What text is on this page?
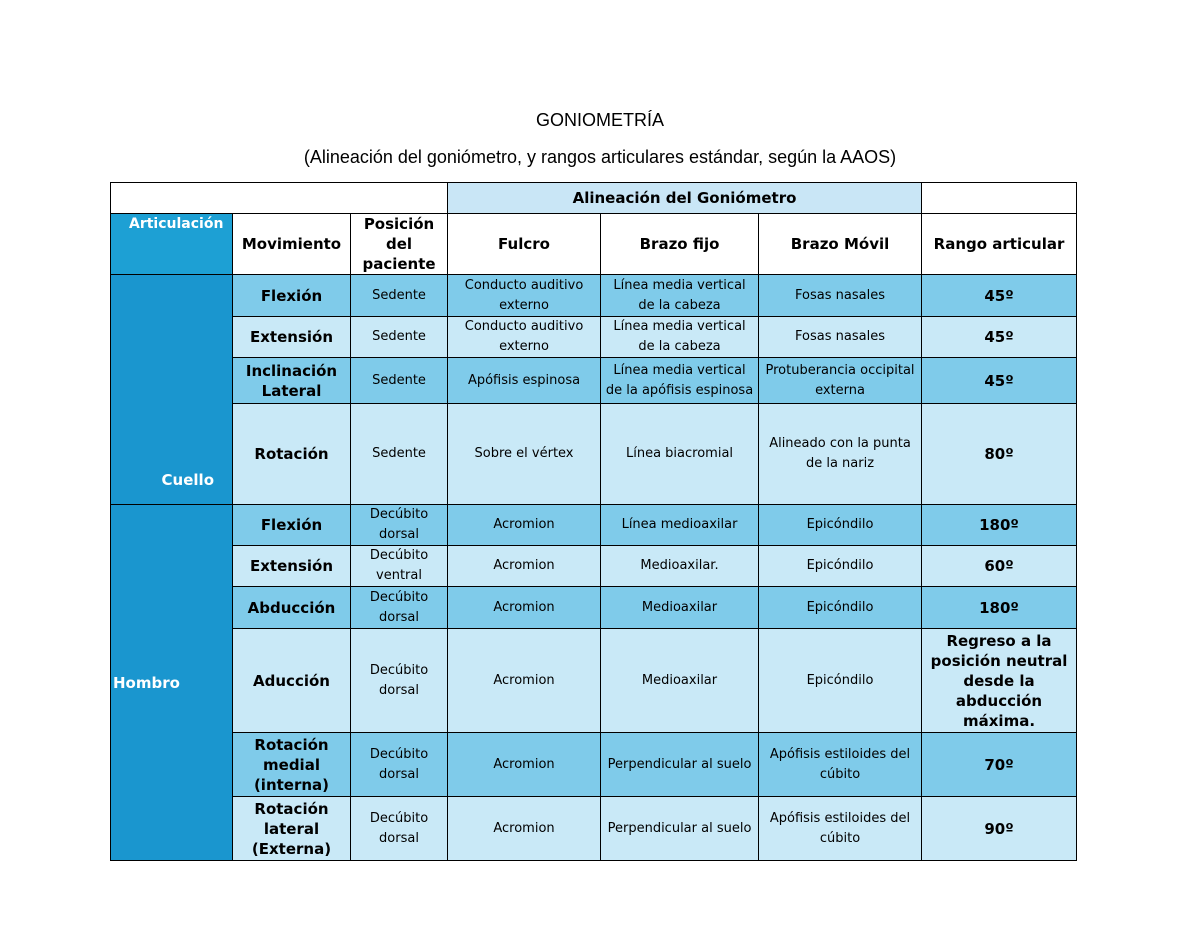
GONIOMETRÍA
(Alineación del goniómetro, y rangos articulares estándar, según la AAOS)
			Alineación del Goniómetro			
Articulación	Movimiento	Posición del paciente	Fulcro	Brazo fijo	Brazo Móvil	Rango articular
Cuello	Flexión	Sedente	Conducto auditivo externo	Línea media vertical de la cabeza	Fosas nasales	45º
	Extensión	Sedente	Conducto auditivo externo	Línea media vertical de la cabeza	Fosas nasales	45º
	Inclinación Lateral	Sedente	Apófisis espinosa	Línea media vertical de la apófisis espinosa	Protuberancia occipital externa	45º
	Rotación	Sedente	Sobre el vértex	Línea biacromial	Alineado con la punta de la nariz	80º
Hombro	Flexión	Decúbito dorsal	Acromion	Línea medioaxilar	Epicóndilo	180º
	Extensión	Decúbito ventral	Acromion	Medioaxilar.	Epicóndilo	60º
	Abducción	Decúbito dorsal	Acromion	Medioaxilar	Epicóndilo	180º
	Aducción	Decúbito dorsal	Acromion	Medioaxilar	Epicóndilo	Regreso a la posición neutral desde la abducción máxima.
	Rotación medial (interna)	Decúbito dorsal	Acromion	Perpendicular al suelo	Apófisis estiloides del cúbito	70º
	Rotación lateral (Externa)	Decúbito dorsal	Acromion	Perpendicular al suelo	Apófisis estiloides del cúbito	90º
